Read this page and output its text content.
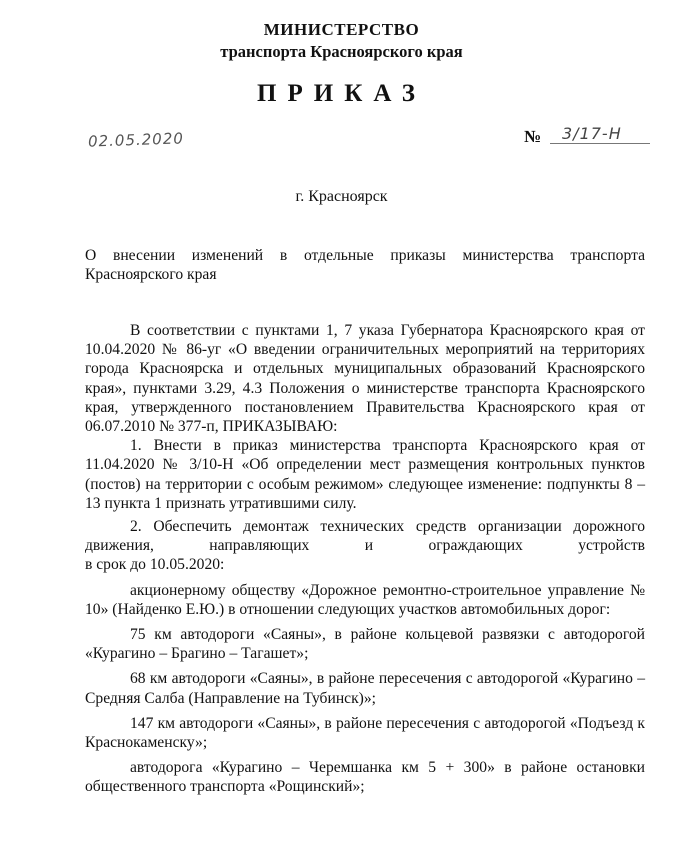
МИНИСТЕРСТВО
транспорта Красноярского края
ПРИКАЗ
02.05.2020	№	3/17-Н
г. Красноярск
О внесении изменений в отдельные приказы министерства транспорта Красноярского края

В соответствии с пунктами 1, 7 указа Губернатора Красноярского края от 10.04.2020 № 86-уг «О введении ограничительных мероприятий на территориях города Красноярска и отдельных муниципальных образований Красноярского края», пунктами 3.29, 4.3 Положения о министерстве транспорта Красноярского края, утвержденного постановлением Правительства Красноярского края от 06.07.2010 № 377-п, ПРИКАЗЫВАЮ:

1. Внести в приказ министерства транспорта Красноярского края от 11.04.2020 № 3/10-Н «Об определении мест размещения контрольных пунктов (постов) на территории с особым режимом» следующее изменение: подпункты 8 – 13 пункта 1 признать утратившими силу.

2. Обеспечить демонтаж технических средств организации дорожного движения, направляющих и ограждающих устройств

в срок до 10.05.2020:

акционерному обществу «Дорожное ремонтно-строительное управление № 10» (Найденко Е.Ю.) в отношении следующих участков автомобильных дорог:

75 км автодороги «Саяны», в районе кольцевой развязки с автодорогой «Курагино – Брагино – Тагашет»;

68 км автодороги «Саяны», в районе пересечения с автодорогой «Курагино – Средняя Салба (Направление на Тубинск)»;

147 км автодороги «Саяны», в районе пересечения с автодорогой «Подъезд к Краснокаменску»;

автодорога «Курагино – Черемшанка км 5 + 300» в районе остановки общественного транспорта «Рощинский»;
